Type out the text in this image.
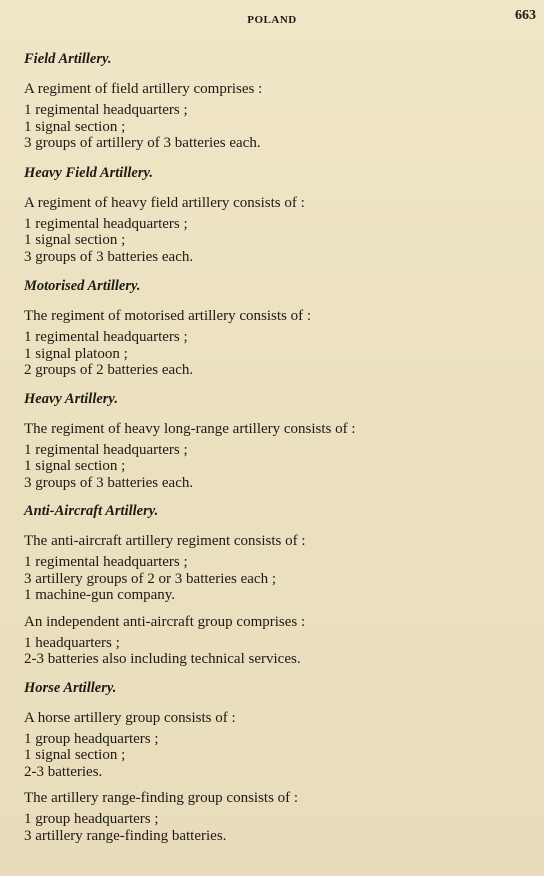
POLAND	663

Field Artillery.

A regiment of field artillery comprises :

1 regimental headquarters ;

1 signal section ;

3 groups of artillery of 3 batteries each.

Heavy Field Artillery.

A regiment of heavy field artillery consists of :

1 regimental headquarters ;

1 signal section ;

3 groups of 3 batteries each.

Motorised Artillery.

The regiment of motorised artillery consists of :

1 regimental headquarters ;

1 signal platoon ;

2 groups of 2 batteries each.

Heavy Artillery.

The regiment of heavy long-range artillery consists of :

1 regimental headquarters ;

1 signal section ;

3 groups of 3 batteries each.

Anti-Aircraft Artillery.

The anti-aircraft artillery regiment consists of :

1 regimental headquarters ;

3 artillery groups of 2 or 3 batteries each ;

1 machine-gun company.

An independent anti-aircraft group comprises :

1 headquarters ;

2-3 batteries also including technical services.

Horse Artillery.

A horse artillery group consists of :

1 group headquarters ;

1 signal section ;

2-3 batteries.

The artillery range-finding group consists of :

1 group headquarters ;

3 artillery range-finding batteries.
